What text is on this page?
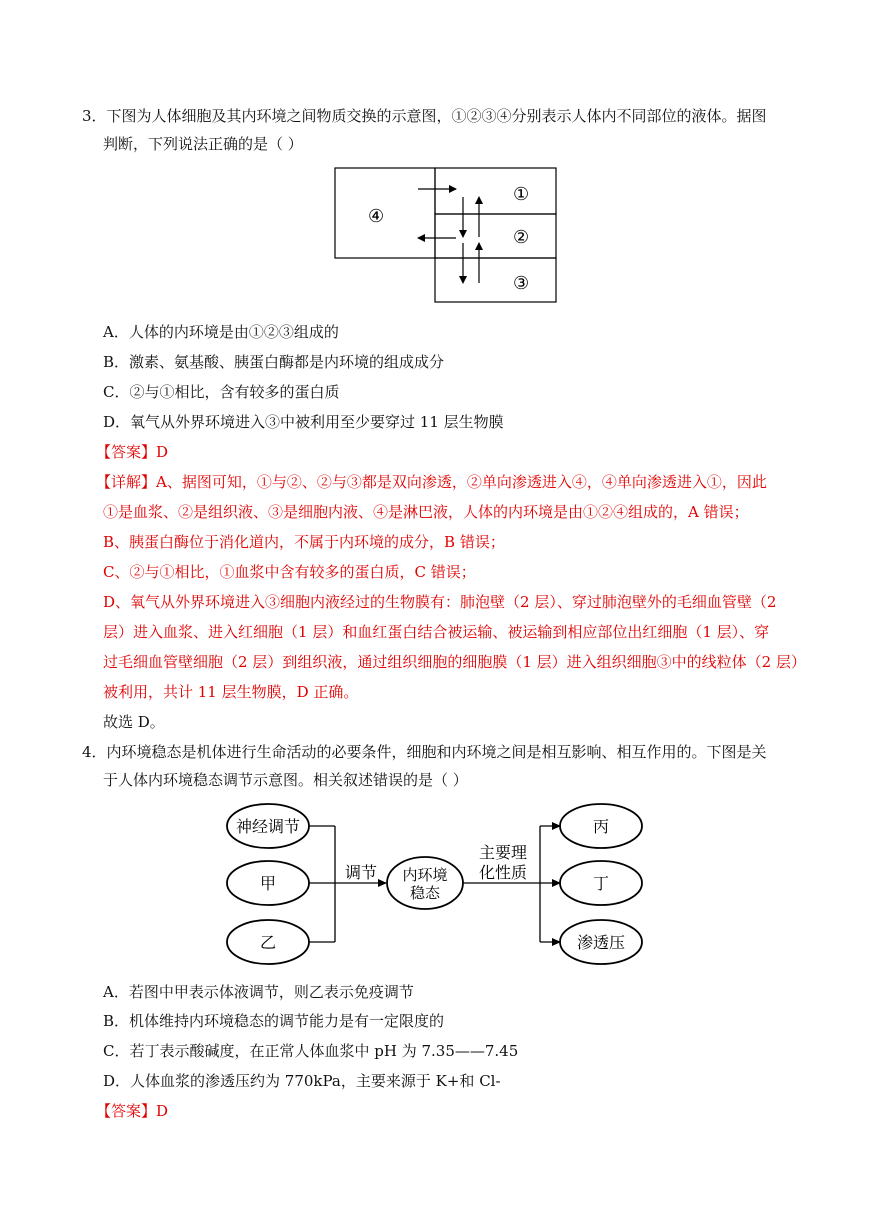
3．下图为人体细胞及其内环境之间物质交换的示意图，①②③④分别表示人体内不同部位的液体。据图
判断，下列说法正确的是（ ）
④
①
②
③
A．人体的内环境是由①②③组成的
B．激素、氨基酸、胰蛋白酶都是内环境的组成成分
C．②与①相比，含有较多的蛋白质
D．氧气从外界环境进入③中被利用至少要穿过 11 层生物膜
【答案】D
【详解】A、据图可知，①与②、②与③都是双向渗透，②单向渗透进入④，④单向渗透进入①，因此
①是血浆、②是组织液、③是细胞内液、④是淋巴液，人体的内环境是由①②④组成的，A 错误；
B、胰蛋白酶位于消化道内，不属于内环境的成分，B 错误；
C、②与①相比，①血浆中含有较多的蛋白质，C 错误；
D、氧气从外界环境进入③细胞内液经过的生物膜有：肺泡壁（2 层）、穿过肺泡壁外的毛细血管壁（2
层）进入血浆、进入红细胞（1 层）和血红蛋白结合被运输、被运输到相应部位出红细胞（1 层）、穿
过毛细血管壁细胞（2 层）到组织液，通过组织细胞的细胞膜（1 层）进入组织细胞③中的线粒体（2 层）
被利用，共计 11 层生物膜，D 正确。
故选 D。
4．内环境稳态是机体进行生命活动的必要条件，细胞和内环境之间是相互影响、相互作用的。下图是关
于人体内环境稳态调节示意图。相关叙述错误的是（ ）
神经调节
甲
乙
调节 内环境
稳态
主要理
化性质
丙
丁
渗透压
A．若图中甲表示体液调节，则乙表示免疫调节
B．机体维持内环境稳态的调节能力是有一定限度的
C．若丁表示酸碱度，在正常人体血浆中 pH 为 7.35——7.45
D．人体血浆的渗透压约为 770kPa，主要来源于 K+和 Cl-
【答案】D
